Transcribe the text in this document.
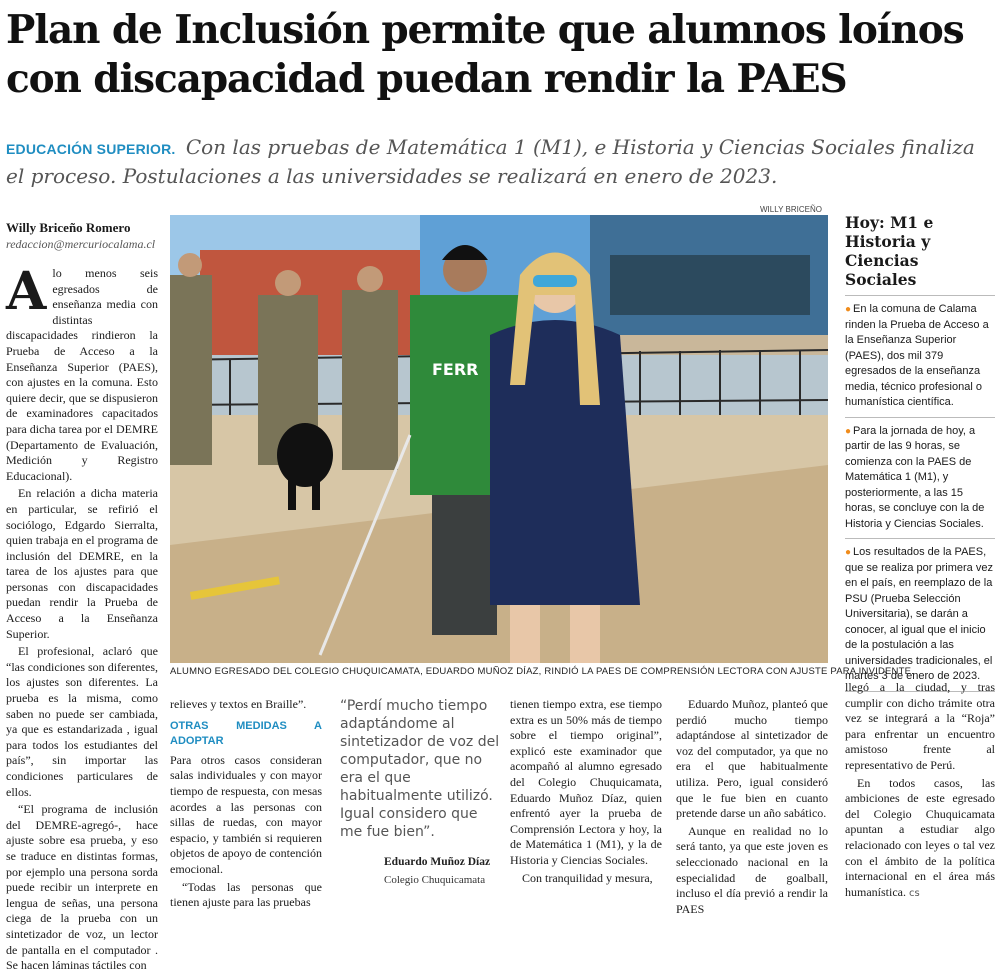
Plan de Inclusión permite que alumnos loínos
con discapacidad puedan rendir la PAES
EDUCACIÓN SUPERIOR. Con las pruebas de Matemática 1 (M1), e Historia y Ciencias Sociales finaliza el proceso. Postulaciones a las universidades se realizará en enero de 2023.
Willy Briceño Romero
redaccion@mercuriocalama.cl

Alo menos seis egresados de enseñanza media con distintas discapacidades rindieron la Prueba de Acceso a la Enseñanza Superior (PAES), con ajustes en la comuna. Esto quiere decir, que se dispusieron de examinadores capacitados para dicha tarea por el DEMRE (Departamento de Evaluación, Medición y Registro Educacional).

En relación a dicha materia en particular, se refirió el sociólogo, Edgardo Sierralta, quien trabaja en el programa de inclusión del DEMRE, en la tarea de los ajustes para que personas con discapacidades puedan rendir la Prueba de Acceso a la Enseñanza Superior.

El profesional, aclaró que “las condiciones son diferentes, los ajustes son diferentes. La prueba es la misma, como saben no puede ser cambiada, ya que es estandarizada , igual para todos los estudiantes del país”, sin importar las condiciones particulares de ellos.

“El programa de inclusión del DEMRE-agregó-, hace ajuste sobre esa prueba, y eso se traduce en distintas formas, por ejemplo una persona sorda puede recibir un interprete en lengua de señas, una persona ciega de la prueba con un sintetizador de voz, un lector de pantalla en el computador . Se hacen láminas táctiles con

WILLY BRICEÑO
FERR
ALUMNO EGRESADO DEL COLEGIO CHUQUICAMATA, EDUARDO MUÑOZ DÍAZ, RINDIÓ LA PAES DE COMPRENSIÓN LECTORA CON AJUSTE PARA INVIDENTE.
Hoy: M1 e Historia y Ciencias Sociales
● En la comuna de Calama rinden la Prueba de Acceso a la Enseñanza Superior (PAES), dos mil 379 egresados de la enseñanza media, técnico profesional o humanística científica.
● Para la jornada de hoy, a partir de las 9 horas, se comienza con la PAES de Matemática 1 (M1), y posteriormente, a las 15 horas, se concluye con la de Historia y Ciencias Sociales.
● Los resultados de la PAES, que se realiza por primera vez en el país, en reemplazo de la PSU (Prueba Selección Universitaria), se darán a conocer, al igual que el inicio de la postulación a las universidades tradicionales, el martes 3 de enero de 2023.

relieves y textos en Braille”.

OTRAS MEDIDAS A ADOPTAR

Para otros casos consideran salas individuales y con mayor tiempo de respuesta, con mesas acordes a las personas con sillas de ruedas, con mayor espacio, y también si requieren objetos de apoyo de contención emocional.

“Todas las personas que tienen ajuste para las pruebas

“Perdí mucho tiempo adaptándome al sintetizador de voz del computador, que no era el que habitualmente utilizó. Igual considero que me fue bien”.
Eduardo Muñoz Díaz
Colegio Chuquicamata

tienen tiempo extra, ese tiempo extra es un 50% más de tiempo sobre el tiempo original”, explicó este examinador que acompañó al alumno egresado del Colegio Chuquicamata, Eduardo Muñoz Díaz, quien enfrentó ayer la prueba de Comprensión Lectora y hoy, la de Matemática 1 (M1), y la de Historia y Ciencias Sociales.

Con tranquilidad y mesura,

Eduardo Muñoz, planteó que perdió mucho tiempo adaptándose al sintetizador de voz del computador, ya que no era el que habitualmente utiliza. Pero, igual consideró que le fue bien en cuanto pretende darse un año sabático.

Aunque en realidad no lo será tanto, ya que este joven es seleccionado nacional en la especialidad de goalball, incluso el día previó a rendir la PAES

llegó a la ciudad, y tras cumplir con dicho trámite otra vez se integrará a la “Roja” para enfrentar un encuentro amistoso frente al representativo de Perú.

En todos casos, las ambiciones de este egresado del Colegio Chuquicamata apuntan a estudiar algo relacionado con leyes o tal vez con el ámbito de la política internacional en el área más humanística. cs
